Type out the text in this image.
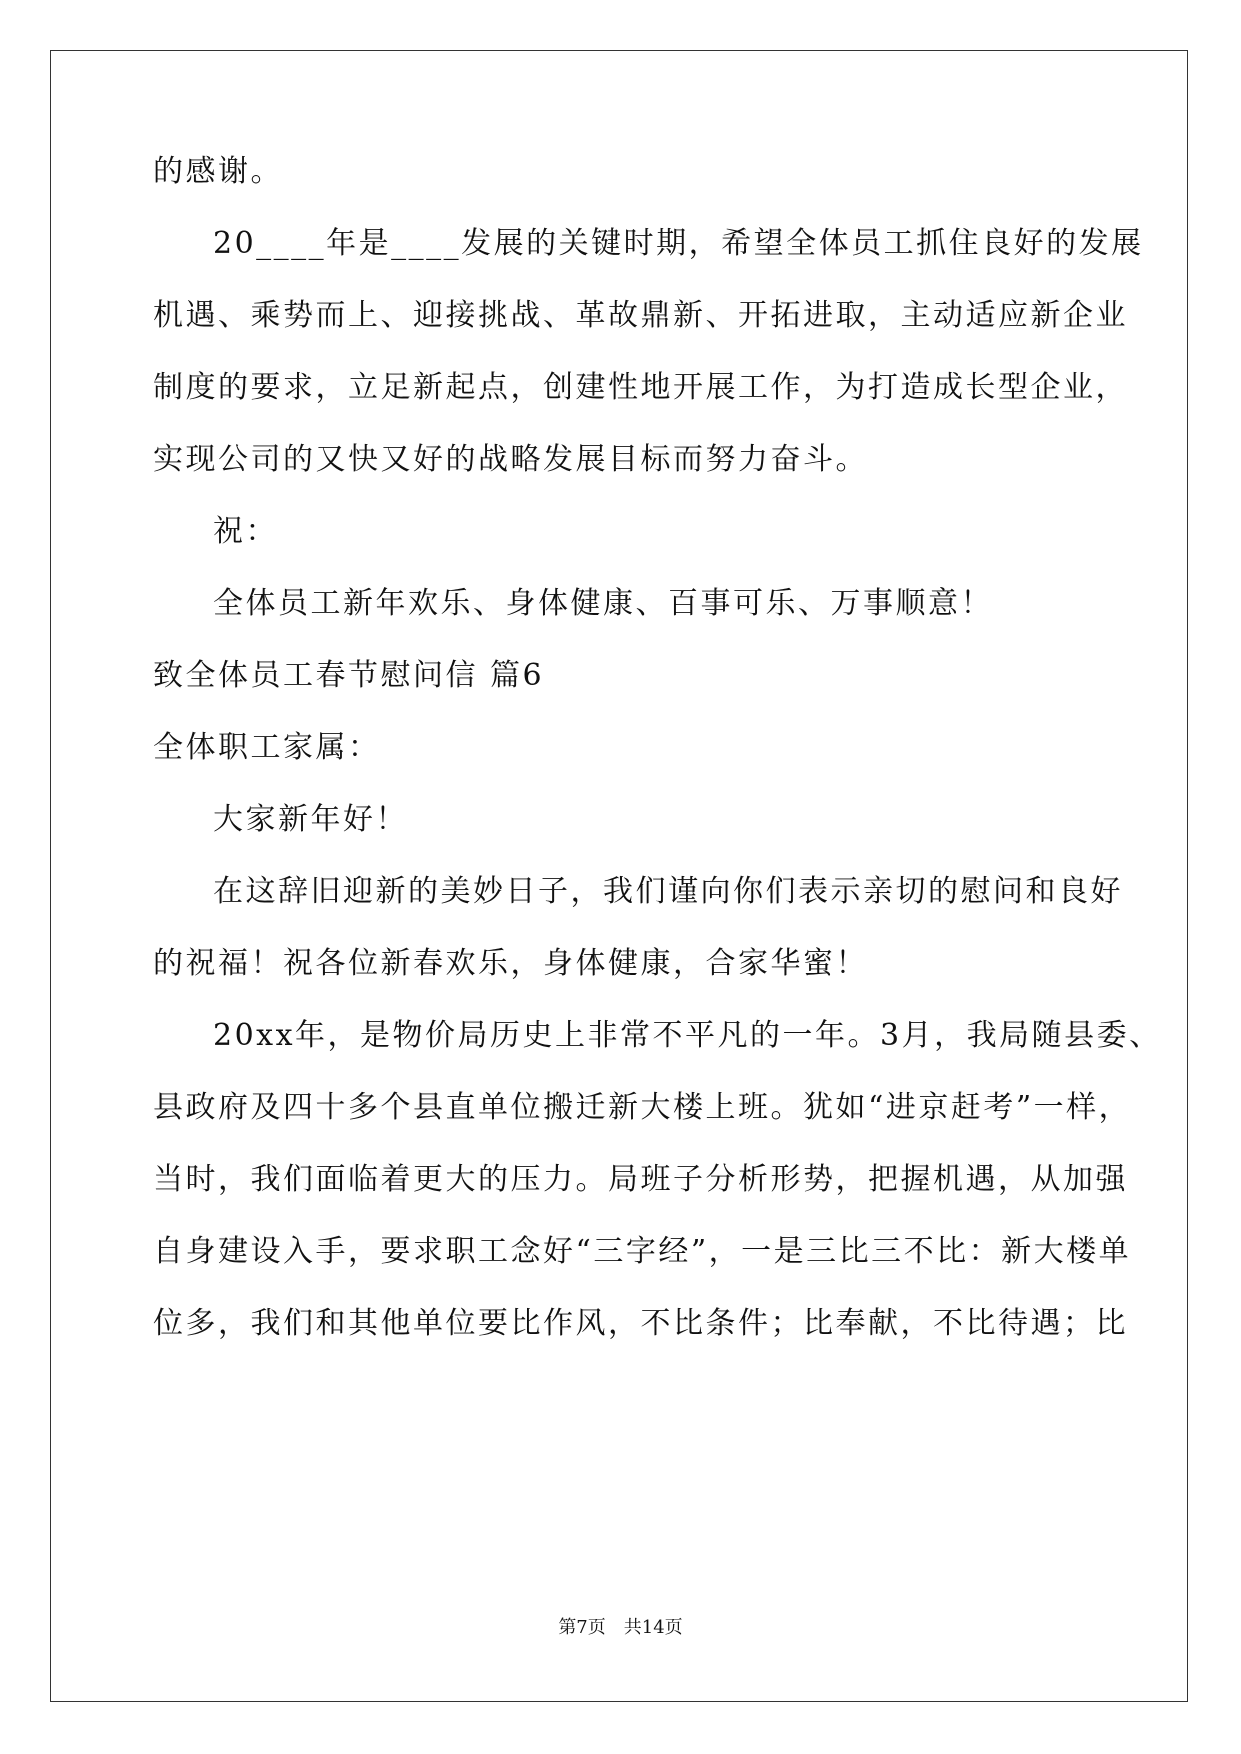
的感谢。
20____年是____发展的关键时期，希望全体员工抓住良好的发展
机遇、乘势而上、迎接挑战、革故鼎新、开拓进取，主动适应新企业
制度的要求，立足新起点，创建性地开展工作，为打造成长型企业，
实现公司的又快又好的战略发展目标而努力奋斗。
祝：
全体员工新年欢乐、身体健康、百事可乐、万事顺意！
致全体员工春节慰问信 篇6
全体职工家属：
大家新年好！
在这辞旧迎新的美妙日子，我们谨向你们表示亲切的慰问和良好
的祝福！祝各位新春欢乐，身体健康，合家华蜜！
20xx年，是物价局历史上非常不平凡的一年。3月，我局随县委、
县政府及四十多个县直单位搬迁新大楼上班。犹如“进京赶考”一样，
当时，我们面临着更大的压力。局班子分析形势，把握机遇，从加强
自身建设入手，要求职工念好“三字经”，一是三比三不比：新大楼单
位多，我们和其他单位要比作风，不比条件；比奉献，不比待遇；比
第7页　共14页
